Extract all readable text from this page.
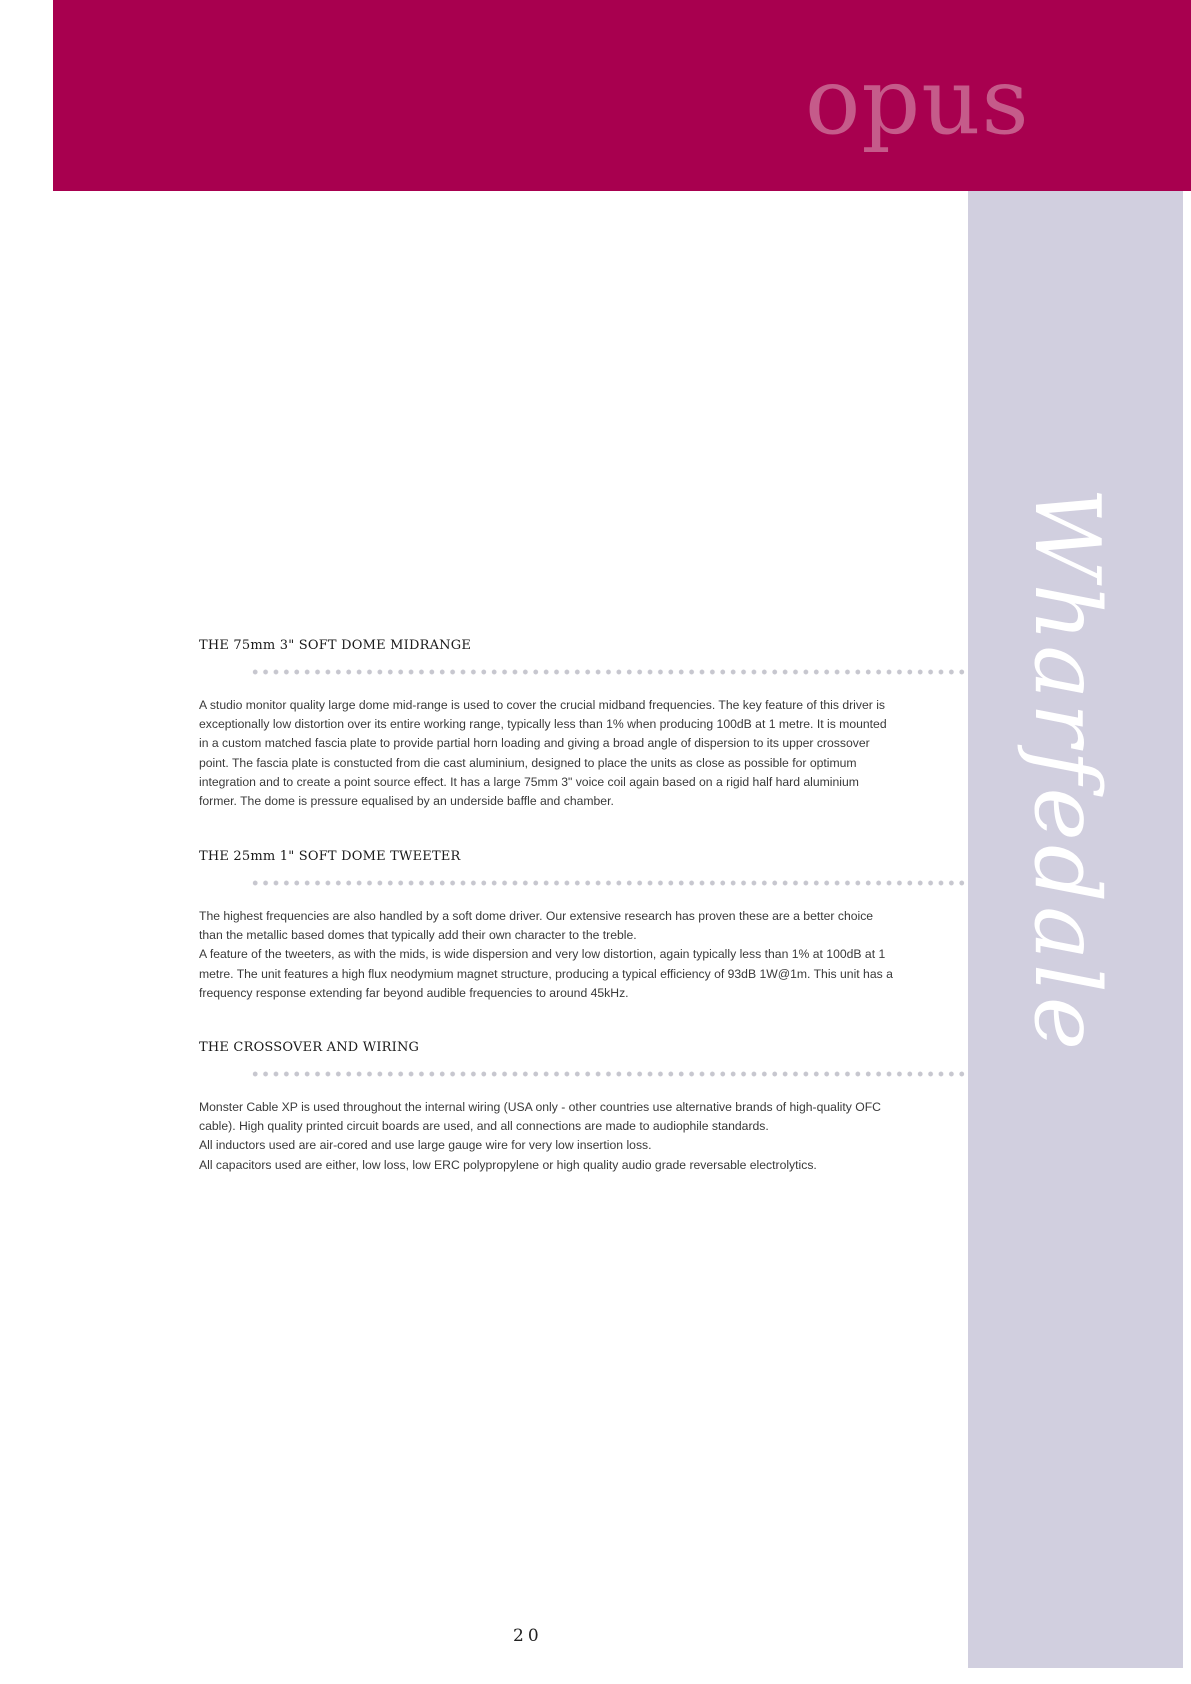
opus
Wharfedale
THE 75mm 3" SOFT DOME MIDRANGE

A studio monitor quality large dome mid-range is used to cover the crucial midband frequencies. The key feature of this driver is exceptionally low distortion over its entire working range, typically less than 1% when producing 100dB at 1 metre. It is mounted in a custom matched fascia plate to provide partial horn loading and giving a broad angle of dispersion to its upper crossover point. The fascia plate is constucted from die cast aluminium, designed to place the units as close as possible for optimum integration and to create a point source effect. It has a large 75mm 3" voice coil again based on a rigid half hard aluminium former. The dome is pressure equalised by an underside baffle and chamber.

THE 25mm 1" SOFT DOME TWEETER

The highest frequencies are also handled by a soft dome driver. Our extensive research has proven these are a better choice than the metallic based domes that typically add their own character to the treble.

A feature of the tweeters, as with the mids, is wide dispersion and very low distortion, again typically less than 1% at 100dB at 1 metre. The unit features a high flux neodymium magnet structure, producing a typical efficiency of 93dB 1W@1m. This unit has a frequency response extending far beyond audible frequencies to around 45kHz.

THE CROSSOVER AND WIRING

Monster Cable XP is used throughout the internal wiring (USA only - other countries use alternative brands of high-quality OFC cable). High quality printed circuit boards are used, and all connections are made to audiophile standards.

All inductors used are air-cored and use large gauge wire for very low insertion loss.

All capacitors used are either, low loss, low ERC polypropylene or high quality audio grade reversable electrolytics.

20
